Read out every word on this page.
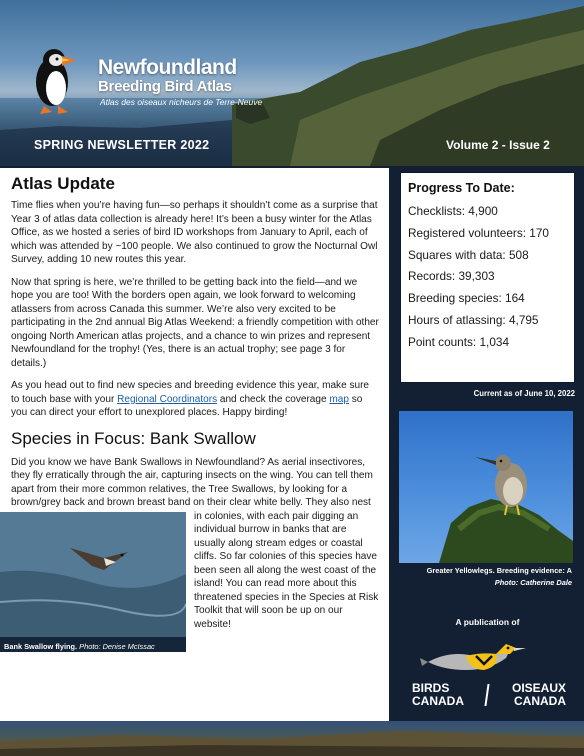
Newfoundland
Breeding Bird Atlas
Atlas des oiseaux nicheurs de Terre-Neuve
SPRING NEWSLETTER 2022	Volume 2 - Issue 2
Atlas Update

Time flies when you’re having fun—so perhaps it shouldn’t come as a surprise that Year 3 of atlas data collection is already here! It’s been a busy winter for the Atlas Office, as we hosted a series of bird ID workshops from January to April, each of which was attended by ~100 people. We also continued to grow the Nocturnal Owl Survey, adding 10 new routes this year.

Now that spring is here, we’re thrilled to be getting back into the field—and we hope you are too! With the borders open again, we look forward to welcoming atlassers from across Canada this summer. We’re also very excited to be participating in the 2nd annual Big Atlas Weekend: a friendly competition with other ongoing North American atlas projects, and a chance to win prizes and represent Newfoundland for the trophy! (Yes, there is an actual trophy; see page 3 for details.)

As you head out to find new species and breeding evidence this year, make sure to touch base with your Regional Coordinators and check the coverage map so you can direct your effort to unexplored places. Happy birding!

Species in Focus: Bank Swallow

Did you know we have Bank Swallows in Newfoundland? As aerial insectivores, they fly erratically through the air, capturing insects on the wing. You can tell them apart from their more common relatives, the Tree Swallows, by looking for a brown/grey back and brown breast band on their clear white belly. They also nest in colonies, with each pair
Bank Swallow flying. Photo: Denise McIssac
digging an individual burrow in banks that are usually along stream edges or coastal cliffs. So far colonies of this species have been seen all along the west coast of the island! You can read more about this threatened species in the Species at Risk Toolkit that will soon be up on our website!

Progress To Date:
Checklists: 4,900
Registered volunteers: 170
Squares with data: 508
Records: 39,303
Breeding species: 164
Hours of atlassing: 4,795
Point counts: 1,034
Current as of June 10, 2022
Greater Yellowlegs. Breeding evidence: A
Photo: Catherine Dale
A publication of
BIRDS
CANADA
OISEAUX
CANADA
